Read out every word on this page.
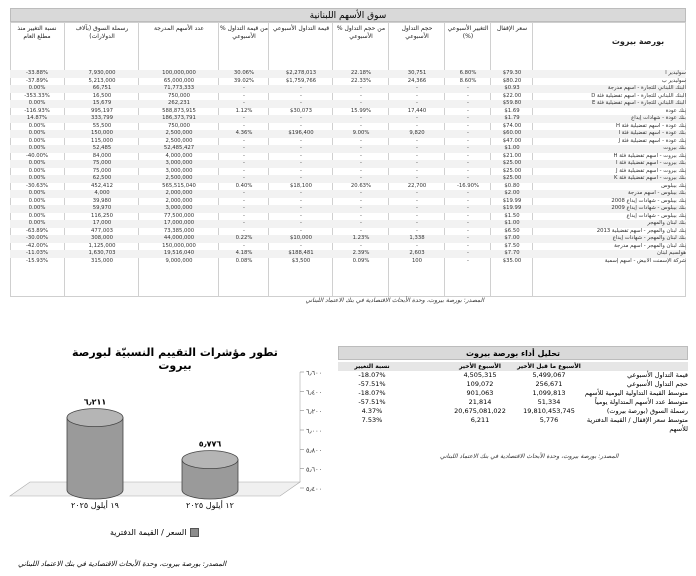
سوق الأسهم اللبنانية
بورصة بيروت
سعر الإقفال
التغيير الأسبوعي (%)
حجم التداول الأسبوعي
% من حجم التداول الأسبوعي
قيمة التداول الأسبوعي
% من قيمة التداول الأسبوعي
عدد الأسهم المدرجة
رسملة السوق (بآلاف الدولارات)
نسبة التغيير منذ مطلع العام
سوليدير أ
$79.30
6.80%
30,751
22.18%
$2,278,013
30.06%
100,000,000
7,930,000
-33.88%
سوليدير ب
$80.20
8.60%
24,366
22.33%
$1,759,766
39.02%
65,000,000
5,213,000
-37.89%
البنك اللبناني للتجارة - أسهم مدرجة
$0.93
-
-
-
-
-
71,773,333
66,751
0.00%
البنك اللبناني للتجارة - أسهم تفضيلية فئة D
$22.00
-
-
-
-
-
750,000
16,500
-353.33%
البنك اللبناني للتجارة - أسهم تفضيلية فئة E
$59.80
-
-
-
-
-
262,231
15,679
0.00%
بنك عودة
$1.69
-
17,440
15.99%
$30,073
1.12%
588,873,915
995,197
-116.93%
بنك عودة - شهادات إيداع
$1.79
-
-
-
-
-
186,373,791
333,799
14.87%
بنك عودة - أسهم تفضيلية فئة H
$74.00
-
-
-
-
-
750,000
55,500
0.00%
بنك عودة - أسهم تفضيلية فئة I
$60.00
-
9,820
9.00%
$196,400
4.36%
2,500,000
150,000
0.00%
بنك عودة - أسهم تفضيلية فئة J
$47.00
-
-
-
-
-
2,500,000
115,000
0.00%
بنك بيروت
$1.00
-
-
-
-
-
52,485,427
52,485
0.00%
بنك بيروت - أسهم تفضيلية فئة H
$21.00
-
-
-
-
-
4,000,000
84,000
-40.00%
بنك بيروت - أسهم تفضيلية فئة I
$25.00
-
-
-
-
-
3,000,000
75,000
0.00%
بنك بيروت - أسهم تفضيلية فئة J
$25.00
-
-
-
-
-
3,000,000
75,000
0.00%
بنك بيروت - أسهم تفضيلية فئة K
$25.00
-
-
-
-
-
2,500,000
62,500
0.00%
بنك بيبلوس
$0.80
-16.90%
22,700
20.63%
$18,100
0.40%
565,515,040
452,412
-30.63%
بنك بيبلوس - أسهم مدرجة
$2.00
-
-
-
-
-
2,000,000
4,000
0.00%
بنك بيبلوس - شهادات إيداع 2008
$19.99
-
-
-
-
-
2,000,000
39,980
0.00%
بنك بيبلوس - شهادات إيداع 2009
$19.99
-
-
-
-
-
3,000,000
59,970
0.00%
بنك بيبلوس - شهادات إيداع
$1.50
-
-
-
-
-
77,500,000
116,250
0.00%
بنك لبنان والمهجر
$1.00
-
-
-
-
-
17,000,000
17,000
0.00%
بنك لبنان والمهجر - أسهم تفضيلية 2013
$6.50
-
-
-
-
-
73,385,000
477,003
-63.89%
بنك لبنان والمهجر - شهادات إيداع
$7.00
-
1,338
1.23%
$10,000
0.22%
44,000,000
308,000
-30.00%
بنك لبنان والمهجر - أسهم مدرجة
$7.50
-
-
-
-
-
150,000,000
1,125,000
-42.00%
هولسيم لبنان
$7.70
-
2,603
2.39%
$188,481
4.18%
19,516,040
1,630,703
-11.03%
شركة الإسمنت الأبيض - أسهم إسمية
$35.00
-
100
0.09%
$3,500
0.08%
9,000,000
315,000
-15.93%
المصدر: بورصة بيروت، وحدة الأبحاث الاقتصادية في بنك الاعتماد اللبناني
تطور مؤشرات التقييم النسبيّة لبورصة بيروت
٥٫٤٠٠
٥٫٦٠٠
٥٫٨٠٠
٦٫٠٠٠
٦٫٢٠٠
٦٫٤٠٠
٦٫٦٠٠
٦٫٢١١
١٩ أيلول ٢٠٢٥
٥٫٧٧٦
١٢ أيلول ٢٠٢٥
السعر / القيمة الدفترية
المصدر: بورصة بيروت، وحدة الأبحاث الاقتصادية في بنك الاعتماد اللبناني
تحليل أداء بورصة بيروت
الأسبوع ما قبل الأخير
الأسبوع الأخير
نسبة التغيير
قيمة التداول الأسبوعي
5,499,067
4,505,315
-18.07%
حجم التداول الأسبوعي
256,671
109,072
-57.51%
متوسط القيمة التداولية اليومية للأسهم
1,099,813
901,063
-18.07%
متوسط عدد الأسهم المتداولة يومياً
51,334
21,814
-57.51%
رسملة السوق (بورصة بيروت)
19,810,453,745
20,675,081,022
4.37%
متوسط سعر الإقفال / القيمة الدفترية للأسهم
5,776
6,211
7.53%
المصدر: بورصة بيروت، وحدة الأبحاث الاقتصادية في بنك الاعتماد اللبناني
